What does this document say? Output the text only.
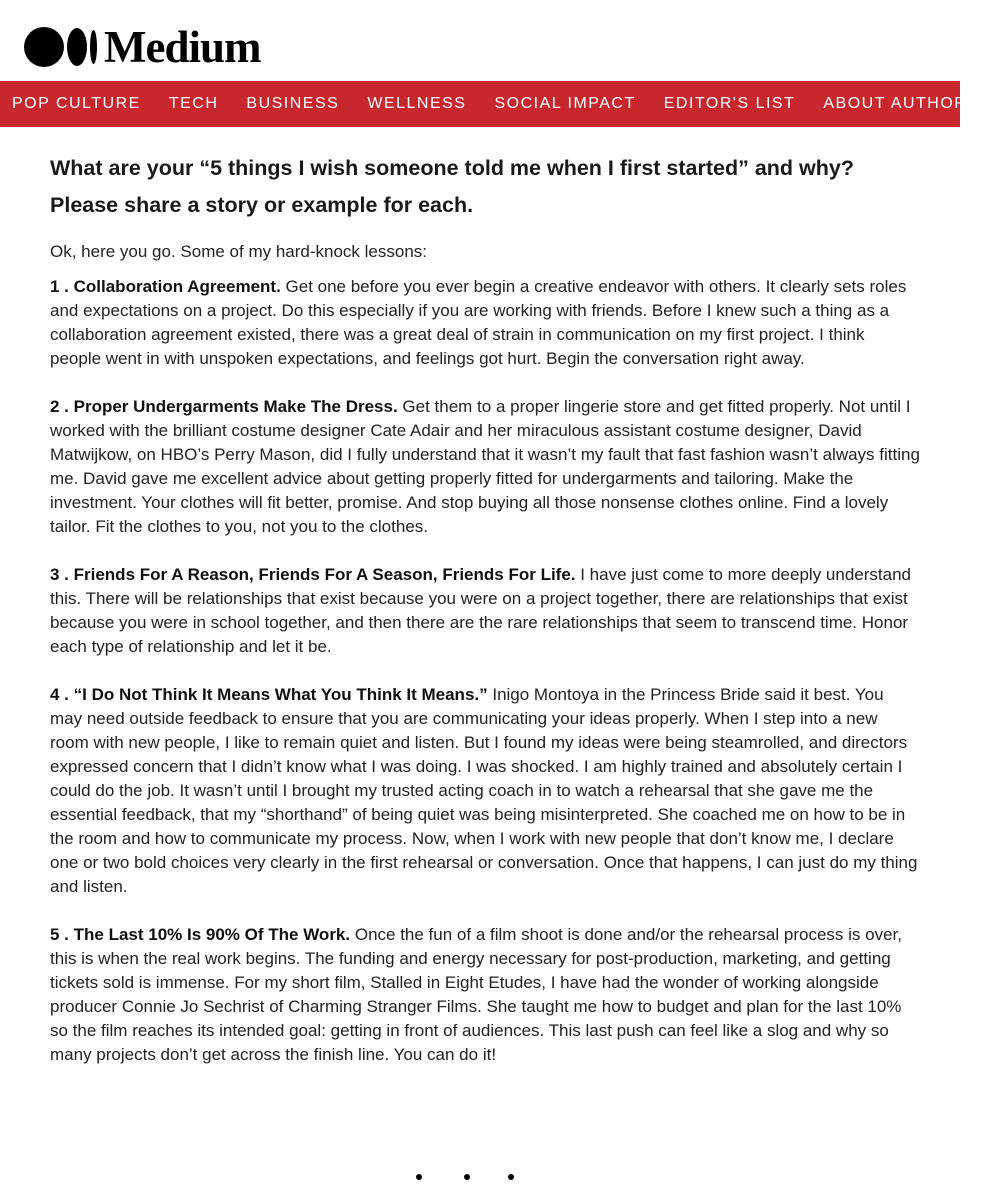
Medium
POP CULTURE TECH BUSINESS WELLNESS SOCIAL IMPACT EDITOR'S LIST ABOUT AUTHORITY
What are your “5 things I wish someone told me when I first started” and why? Please share a story or example for each.

Ok, here you go. Some of my hard-knock lessons:

1 . Collaboration Agreement. Get one before you ever begin a creative endeavor with others. It clearly sets roles and expectations on a project. Do this especially if you are working with friends. Before I knew such a thing as a collaboration agreement existed, there was a great deal of strain in communication on my first project. I think people went in with unspoken expectations, and feelings got hurt. Begin the conversation right away.

2 . Proper Undergarments Make The Dress. Get them to a proper lingerie store and get fitted properly. Not until I worked with the brilliant costume designer Cate Adair and her miraculous assistant costume designer, David Matwijkow, on HBO’s Perry Mason, did I fully understand that it wasn’t my fault that fast fashion wasn’t always fitting me. David gave me excellent advice about getting properly fitted for undergarments and tailoring. Make the investment. Your clothes will fit better, promise. And stop buying all those nonsense clothes online. Find a lovely tailor. Fit the clothes to you, not you to the clothes.

3 . Friends For A Reason, Friends For A Season, Friends For Life. I have just come to more deeply understand this. There will be relationships that exist because you were on a project together, there are relationships that exist because you were in school together, and then there are the rare relationships that seem to transcend time. Honor each type of relationship and let it be.

4 . “I Do Not Think It Means What You Think It Means.” Inigo Montoya in the Princess Bride said it best. You may need outside feedback to ensure that you are communicating your ideas properly. When I step into a new room with new people, I like to remain quiet and listen. But I found my ideas were being steamrolled, and directors expressed concern that I didn’t know what I was doing. I was shocked. I am highly trained and absolutely certain I could do the job. It wasn’t until I brought my trusted acting coach in to watch a rehearsal that she gave me the essential feedback, that my “shorthand” of being quiet was being misinterpreted. She coached me on how to be in the room and how to communicate my process. Now, when I work with new people that don’t know me, I declare one or two bold choices very clearly in the first rehearsal or conversation. Once that happens, I can just do my thing and listen.

5 . The Last 10% Is 90% Of The Work. Once the fun of a film shoot is done and/or the rehearsal process is over, this is when the real work begins. The funding and energy necessary for post-production, marketing, and getting tickets sold is immense. For my short film, Stalled in Eight Etudes, I have had the wonder of working alongside producer Connie Jo Sechrist of Charming Stranger Films. She taught me how to budget and plan for the last 10% so the film reaches its intended goal: getting in front of audiences. This last push can feel like a slog and why so many projects don’t get across the finish line. You can do it!
